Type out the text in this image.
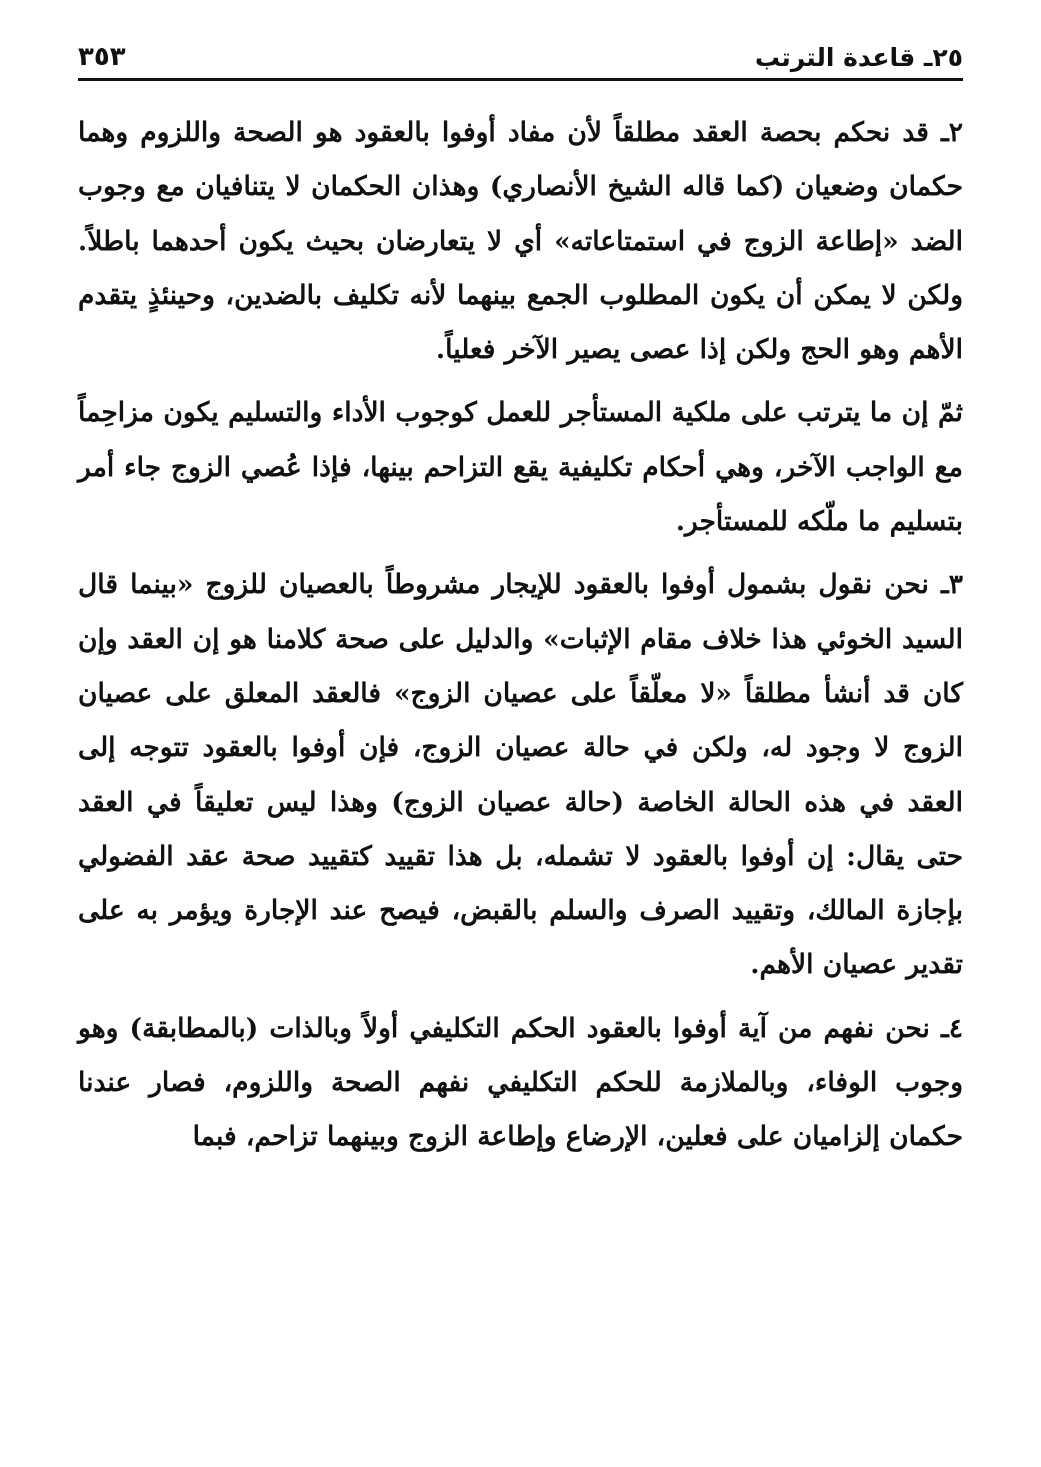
٢٥ـ قاعدة الترتب
٣٥٣

٢ـ قد نحكم بحصة العقد مطلقاً لأن مفاد أوفوا بالعقود هو الصحة واللزوم وهما حكمان وضعيان (كما قاله الشيخ الأنصاري) وهذان الحكمان لا يتنافيان مع وجوب الضد «إطاعة الزوج في استمتاعاته» أي لا يتعارضان بحيث يكون أحدهما باطلاً. ولكن لا يمكن أن يكون المطلوب الجمع بينهما لأنه تكليف بالضدين، وحينئذٍ يتقدم الأهم وهو الحج ولكن إذا عصى يصير الآخر فعلياً.

ثمّ إن ما يترتب على ملكية المستأجر للعمل كوجوب الأداء والتسليم يكون مزاحِماً مع الواجب الآخر، وهي أحكام تكليفية يقع التزاحم بينها، فإذا عُصي الزوج جاء أمر بتسليم ما ملّكه للمستأجر.

٣ـ نحن نقول بشمول أوفوا بالعقود للإيجار مشروطاً بالعصيان للزوج «بينما قال السيد الخوئي هذا خلاف مقام الإثبات» والدليل على صحة كلامنا هو إن العقد وإن كان قد أنشأ مطلقاً «لا معلّقاً على عصيان الزوج» فالعقد المعلق على عصيان الزوج لا وجود له، ولكن في حالة عصيان الزوج، فإن أوفوا بالعقود تتوجه إلى العقد في هذه الحالة الخاصة (حالة عصيان الزوج) وهذا ليس تعليقاً في العقد حتى يقال: إن أوفوا بالعقود لا تشمله، بل هذا تقييد كتقييد صحة عقد الفضولي بإجازة المالك، وتقييد الصرف والسلم بالقبض، فيصح عند الإجارة ويؤمر به على تقدير عصيان الأهم.

٤ـ نحن نفهم من آية أوفوا بالعقود الحكم التكليفي أولاً وبالذات (بالمطابقة) وهو وجوب الوفاء، وبالملازمة للحكم التكليفي نفهم الصحة واللزوم، فصار عندنا حكمان إلزاميان على فعلين، الإرضاع وإطاعة الزوج وبينهما تزاحم، فبما
